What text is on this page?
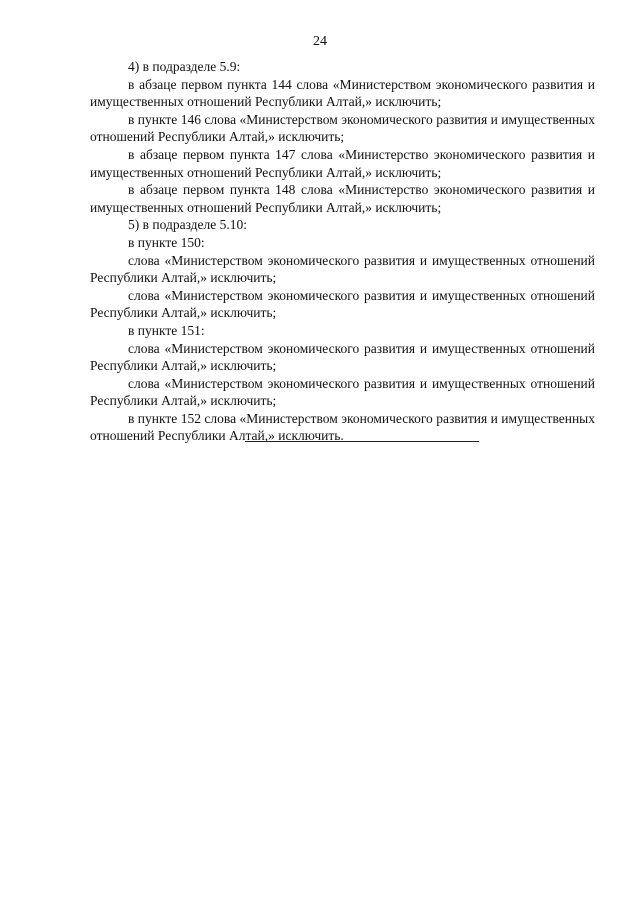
24

4) в подразделе 5.9:

в абзаце первом пункта 144 слова «Министерством экономического развития и имущественных отношений Республики Алтай,» исключить;

в пункте 146 слова «Министерством экономического развития и имущественных отношений Республики Алтай,» исключить;

в абзаце первом пункта 147 слова «Министерство экономического развития и имущественных отношений Республики Алтай,» исключить;

в абзаце первом пункта 148 слова «Министерство экономического развития и имущественных отношений Республики Алтай,» исключить;

5) в подразделе 5.10:

в пункте 150:

слова «Министерством экономического развития и имущественных отношений Республики Алтай,» исключить;

слова «Министерством экономического развития и имущественных отношений Республики Алтай,» исключить;

в пункте 151:

слова «Министерством экономического развития и имущественных отношений Республики Алтай,» исключить;

слова «Министерством экономического развития и имущественных отношений Республики Алтай,» исключить;

в пункте 152 слова «Министерством экономического развития и имущественных отношений Республики Алтай,» исключить.
